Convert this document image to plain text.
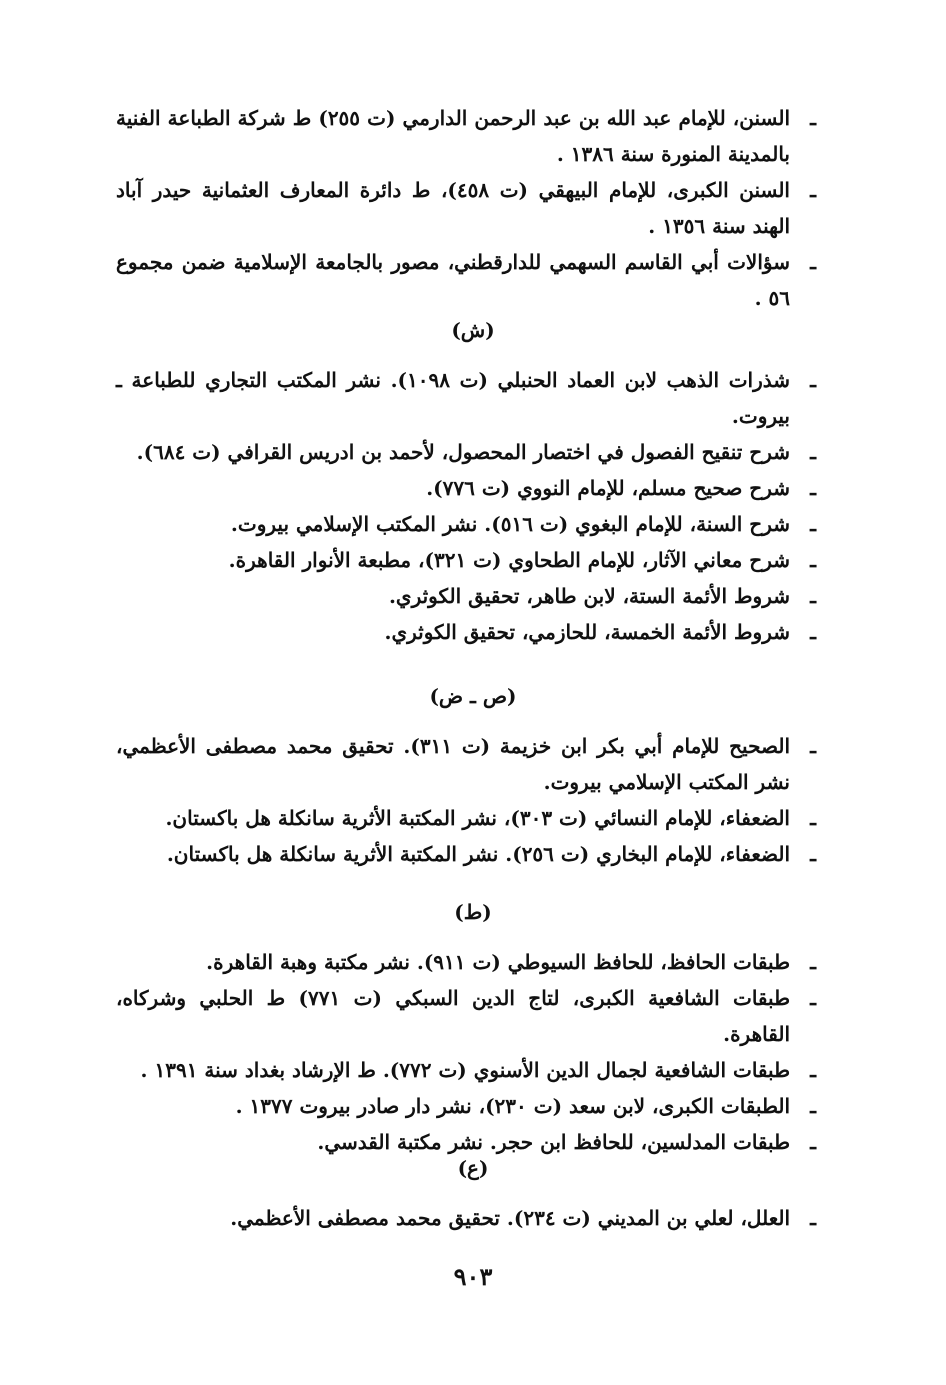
ـ
السنن، للإمام عبد الله بن عبد الرحمن الدارمي (ت ٢٥٥) ط شركة الطباعة الفنية بالمدينة المنورة سنة ١٣٨٦ .
ـ
السنن الكبرى، للإمام البيهقي (ت ٤٥٨)، ط دائرة المعارف العثمانية حيدر آباد الهند سنة ١٣٥٦ .
ـ
سؤالات أبي القاسم السهمي للدارقطني، مصور بالجامعة الإسلامية ضمن مجموع ٥٦ .
(ش)
ـ
شذرات الذهب لابن العماد الحنبلي (ت ١٠٩٨). نشر المكتب التجاري للطباعة ـ بيروت.
ـ
شرح تنقيح الفصول في اختصار المحصول، لأحمد بن ادريس القرافي (ت ٦٨٤).
ـ
شرح صحيح مسلم، للإمام النووي (ت ٧٧٦).
ـ
شرح السنة، للإمام البغوي (ت ٥١٦). نشر المكتب الإسلامي بيروت.
ـ
شرح معاني الآثار، للإمام الطحاوي (ت ٣٢١)، مطبعة الأنوار القاهرة.
ـ
شروط الأئمة الستة، لابن طاهر، تحقيق الكوثري.
ـ
شروط الأئمة الخمسة، للحازمي، تحقيق الكوثري.
(ص ـ ض)
ـ
الصحيح للإمام أبي بكر ابن خزيمة (ت ٣١١). تحقيق محمد مصطفى الأعظمي، نشر المكتب الإسلامي بيروت.
ـ
الضعفاء، للإمام النسائي (ت ٣٠٣)، نشر المكتبة الأثرية سانكلة هل باكستان.
ـ
الضعفاء، للإمام البخاري (ت ٢٥٦). نشر المكتبة الأثرية سانكلة هل باكستان.
(ط)
ـ
طبقات الحافظ، للحافظ السيوطي (ت ٩١١). نشر مكتبة وهبة القاهرة.
ـ
طبقات الشافعية الكبرى، لتاج الدين السبكي (ت ٧٧١) ط الحلبي وشركاه، القاهرة.
ـ
طبقات الشافعية لجمال الدين الأسنوي (ت ٧٧٢). ط الإرشاد بغداد سنة ١٣٩١ .
ـ
الطبقات الكبرى، لابن سعد (ت ٢٣٠)، نشر دار صادر بيروت ١٣٧٧ .
ـ
طبقات المدلسين، للحافظ ابن حجر. نشر مكتبة القدسي.
(ع)
ـ
العلل، لعلي بن المديني (ت ٢٣٤). تحقيق محمد مصطفى الأعظمي.
٩٠٣
